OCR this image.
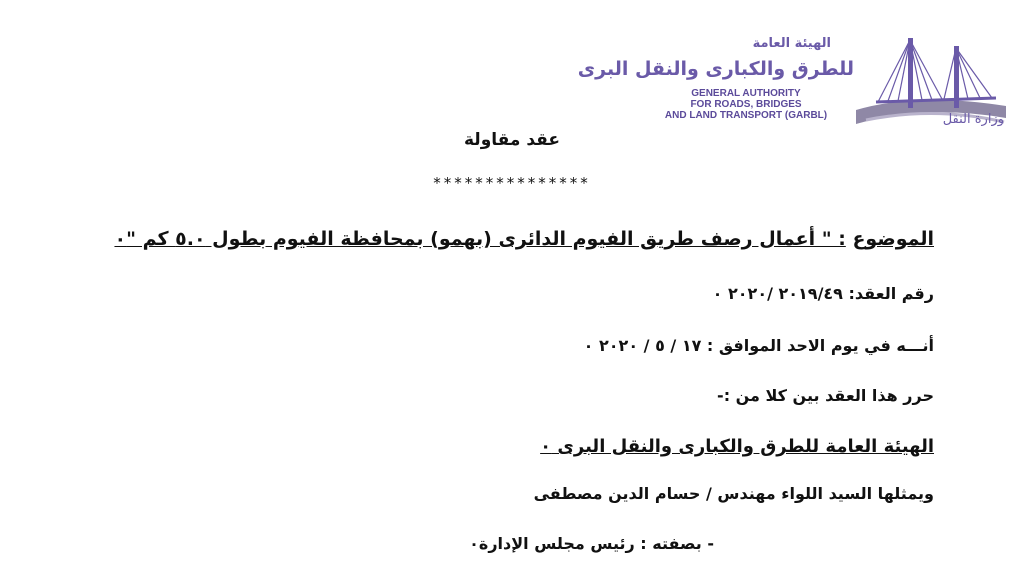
الهيئة العامة
للطرق والكبارى والنقل البرى
GENERAL AUTHORITY
FOR ROADS, BRIDGES
AND LAND TRANSPORT (GARBL)	وزارة النقل
عقد مقاولة
***************
الموضوع : " أعمال رصف طريق الفيوم الدائرى (بهمو) بمحافظة الفيوم بطول ٥.٠ كم "٠
رقم العقد: ٢٠١٩/٤٩ /٢٠٢٠ ٠
أنـــه في يوم الاحد الموافق : ١٧ / ٥ / ٢٠٢٠ ٠
حرر هذا العقد بين كلا من :-
الهيئة العامة للطرق والكبارى والنقل البرى ٠
ويمثلها السيد اللواء مهندس / حسام الدين مصطفى
- بصفته : رئيس مجلس الإدارة٠
